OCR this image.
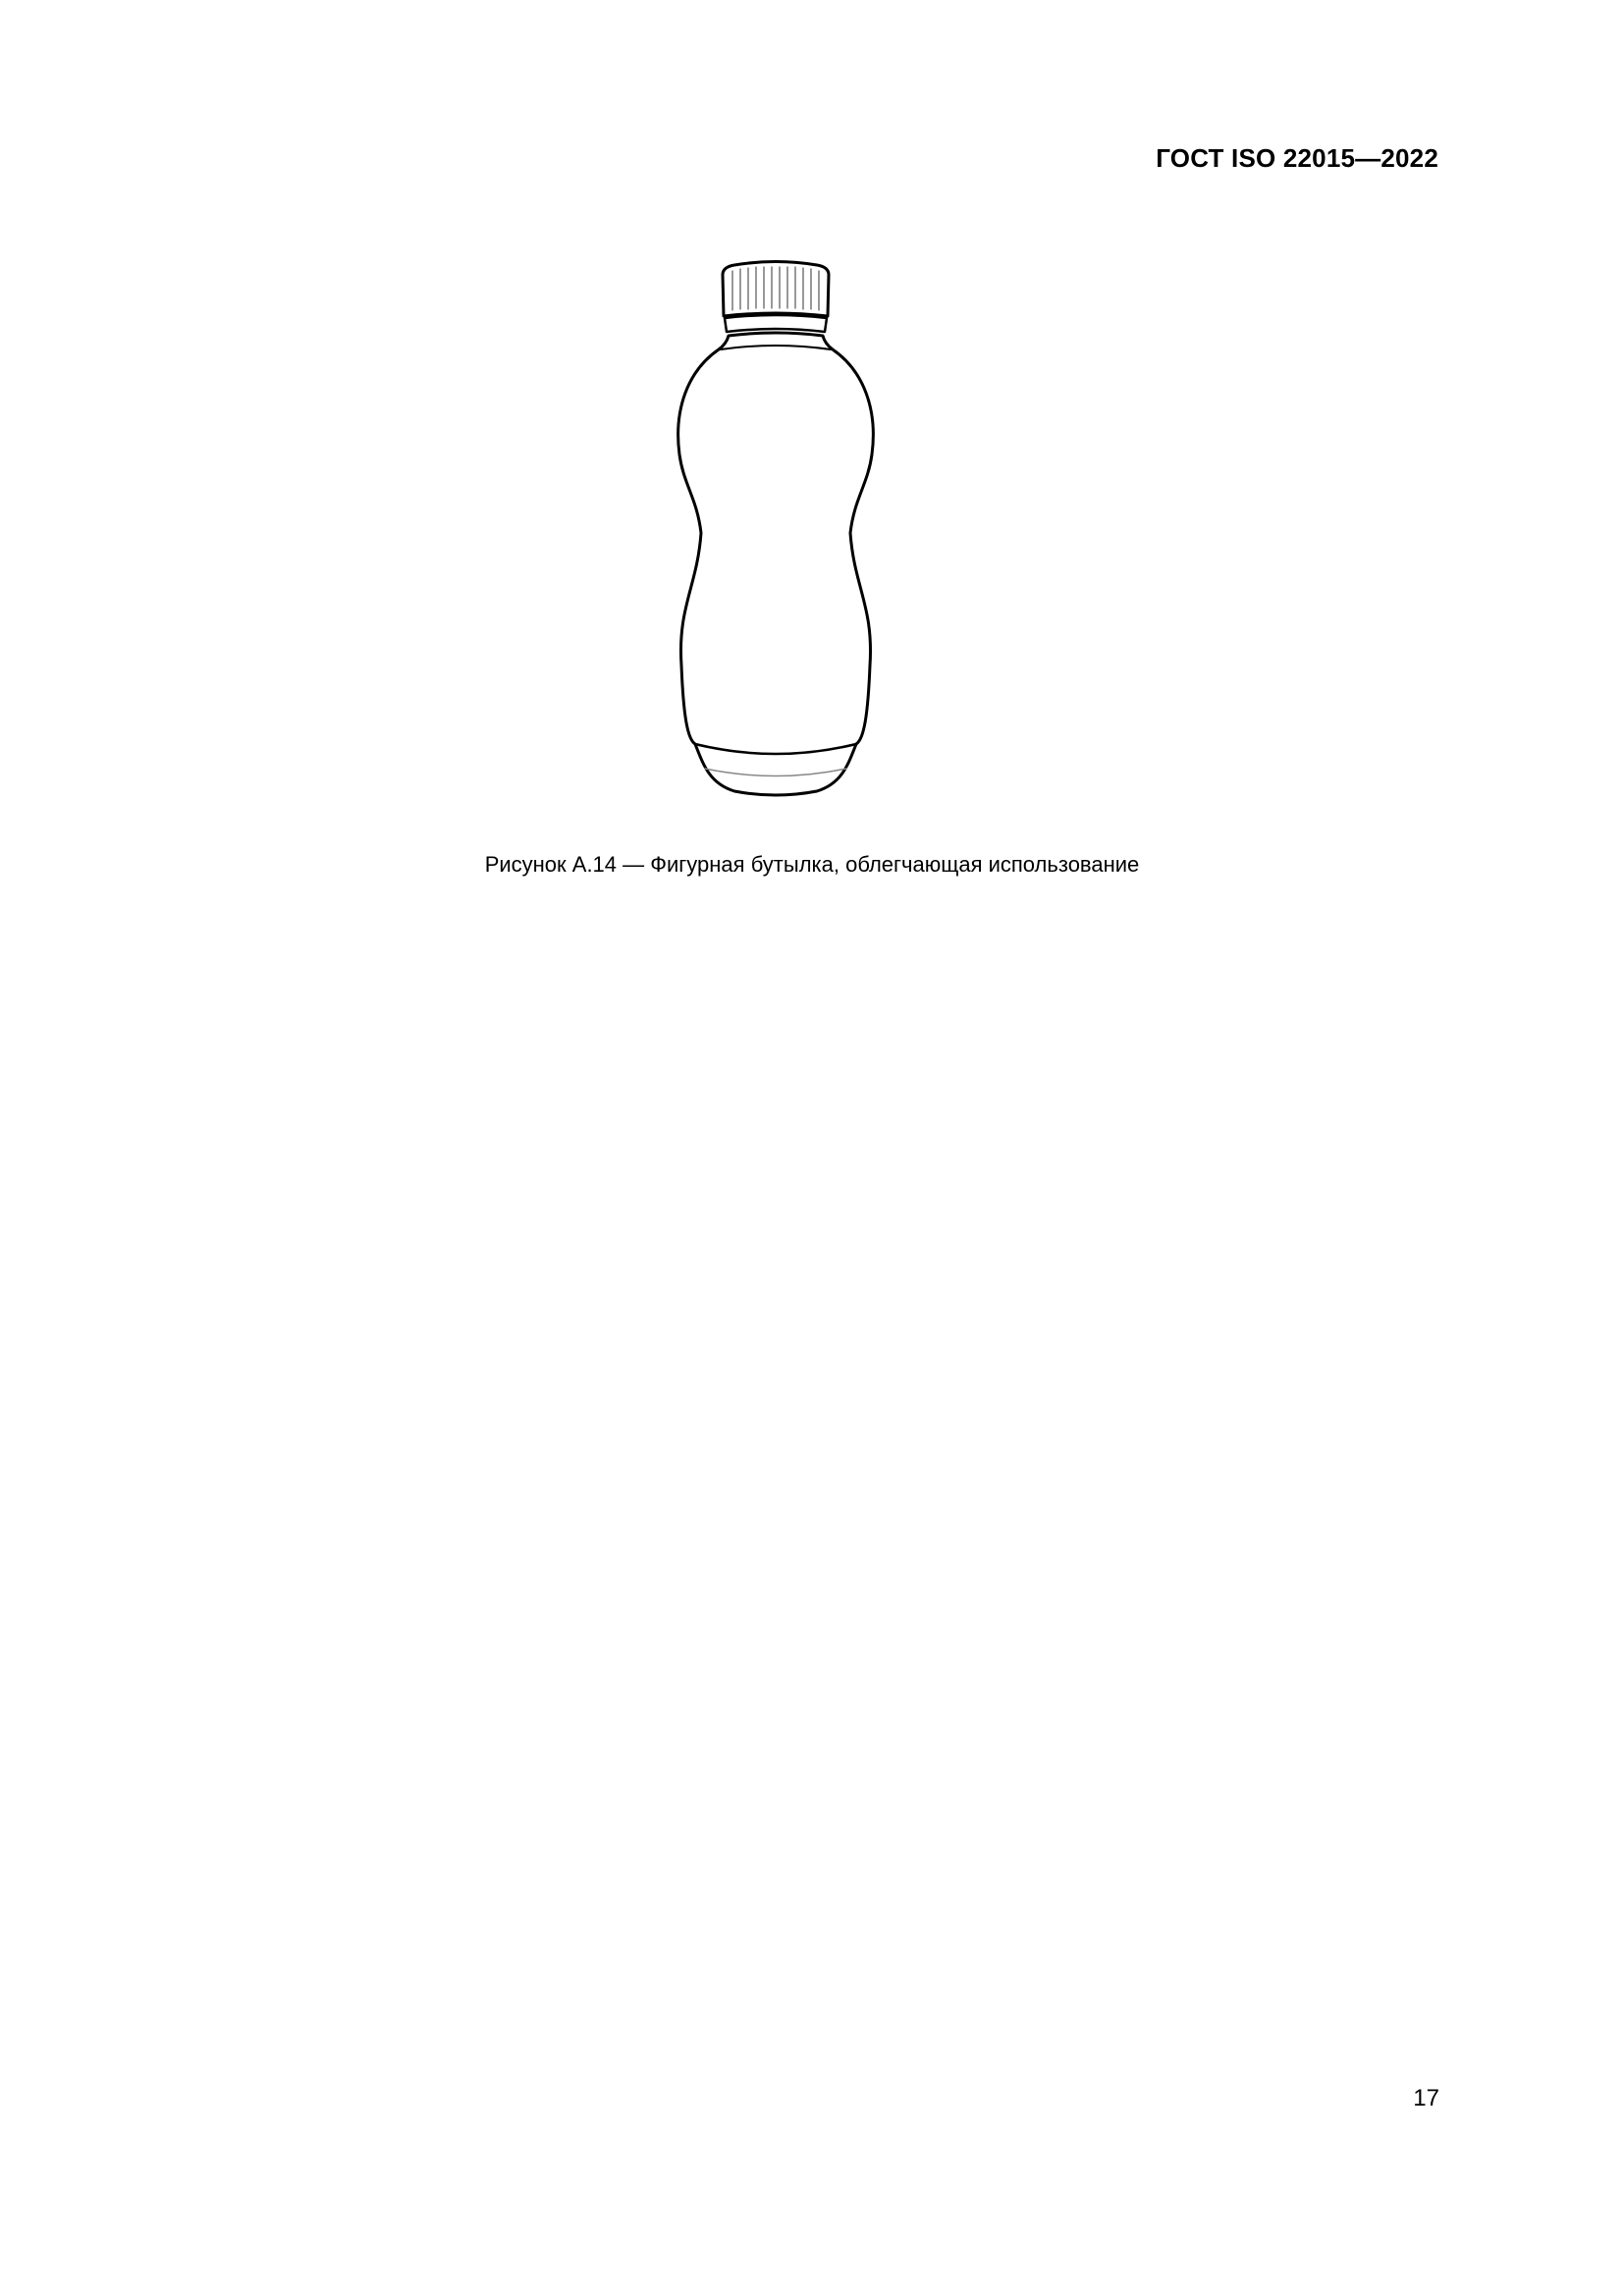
ГОСТ ISO 22015—2022
Рисунок А.14 — Фигурная бутылка, облегчающая использование
17
